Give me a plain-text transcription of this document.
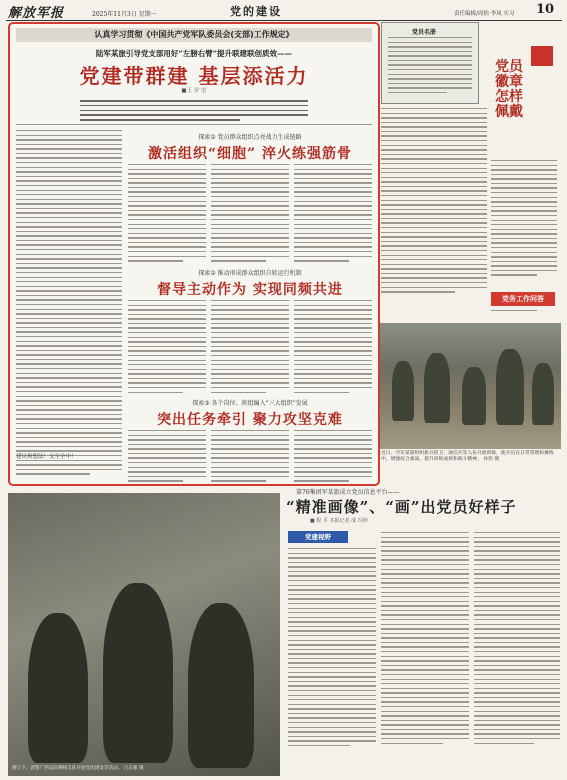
解放军报	2025年11月3日 星期一	党的建设	责任编辑/周怡 李凤 实习 10
认真学习贯彻《中国共产党军队委员会(支部)工作规定》
陆军某旅引导党支部用好“左膀右臂”提升联建联创质效——
党建带群建 基层添活力
■王 岁 宏
建议和想法！交至全中！
探索① 党员群众组织点亮战力生成链路
激活组织“细胞” 淬火练强筋骨
探索② 推动形成群众组织自转运行机制
督导主动作为 实现同频共进
探索③ 各个岗位、班组编入“三大组织”发展
突出任务牵引 聚力攻坚克难
党员名册
党员徽章怎样佩戴
党务工作问答
近日，空军某旅组织新兵防卫、通信兵等入伍开展训练，使兵员在日常管理和操练中，增强综合素质。提升训练成效和战斗精神。 孙伟 摄
图①下，武警广西总队柳州支队开展党团建设等活动。 吕志强 摄
第76集团军某旅成立党员信息平台——
“精准画像”、“画”出党员好样子
■ 程 平 本报记者 成 冯钟
党建视野
